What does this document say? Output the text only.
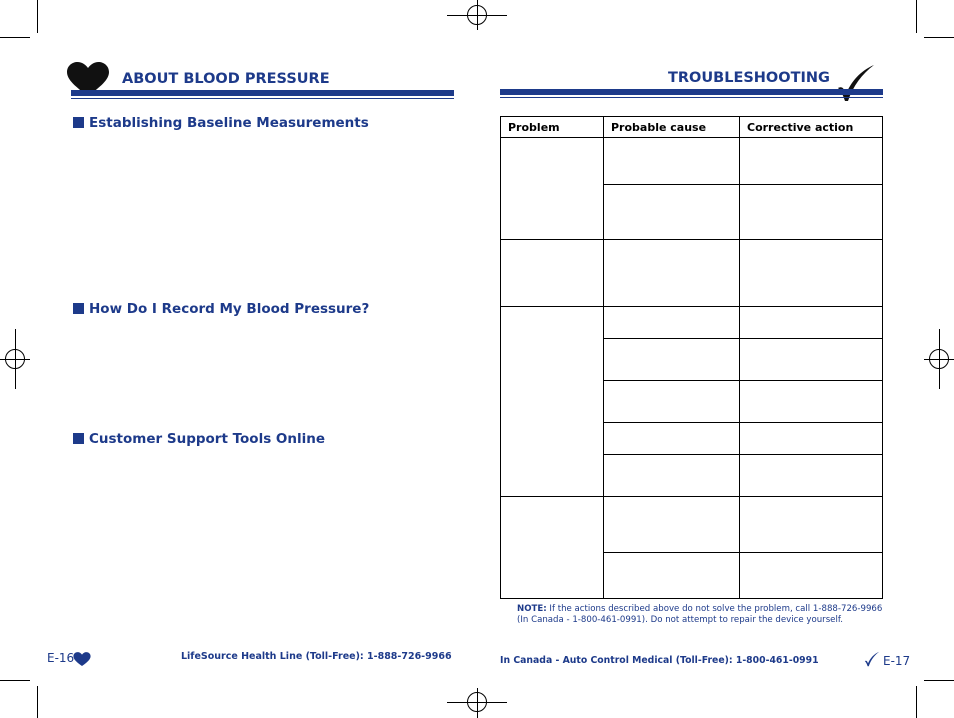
ABOUT BLOOD PRESSURE
Establishing Baseline Measurements
How Do I Record My Blood Pressure?
Customer Support Tools Online
E-16	LifeSource Health Line (Toll-Free): 1-888-726-9966
TROUBLESHOOTING
Problem	Probable cause	Corrective action

NOTE: If the actions described above do not solve the problem, call 1-888-726-9966 (In Canada - 1-800-461-0991). Do not attempt to repair the device yourself.
In Canada - Auto Control Medical (Toll-Free): 1-800-461-0991	E-17
